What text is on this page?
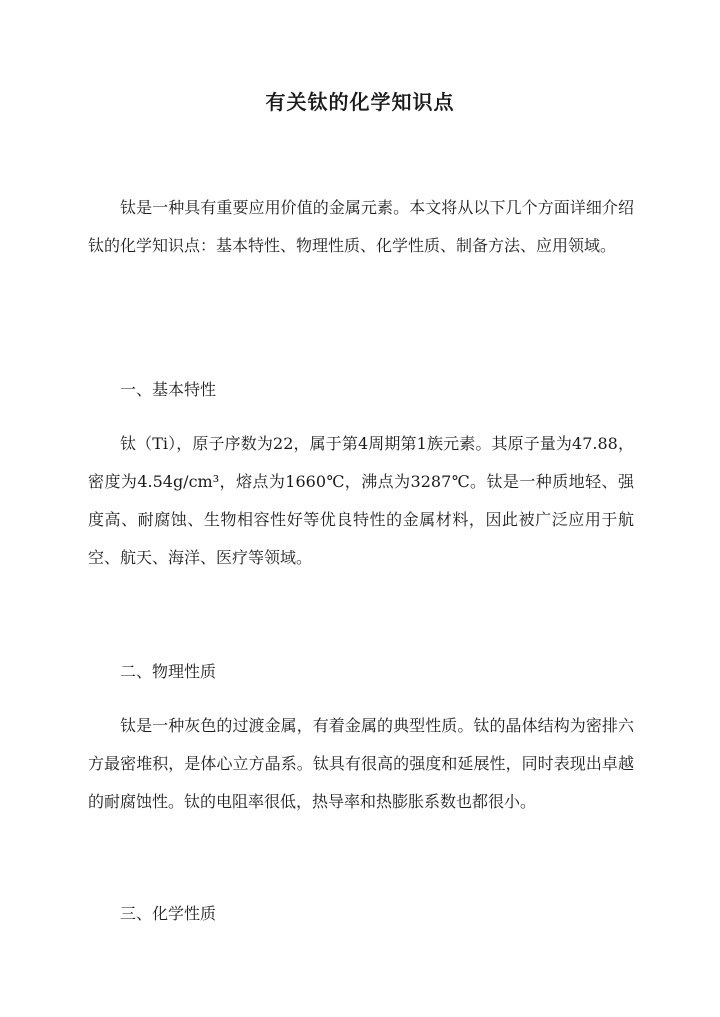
有关钛的化学知识点

钛是一种具有重要应用价值的金属元素。本文将从以下几个方面详细介绍钛的化学知识点：基本特性、物理性质、化学性质、制备方法、应用领域。

一、基本特性

钛（Ti），原子序数为22，属于第4周期第1族元素。其原子量为47.88，密度为4.54g/cm³，熔点为1660℃，沸点为3287℃。钛是一种质地轻、强度高、耐腐蚀、生物相容性好等优良特性的金属材料，因此被广泛应用于航空、航天、海洋、医疗等领域。

二、物理性质

钛是一种灰色的过渡金属，有着金属的典型性质。钛的晶体结构为密排六方最密堆积，是体心立方晶系。钛具有很高的强度和延展性，同时表现出卓越的耐腐蚀性。钛的电阻率很低，热导率和热膨胀系数也都很小。

三、化学性质
